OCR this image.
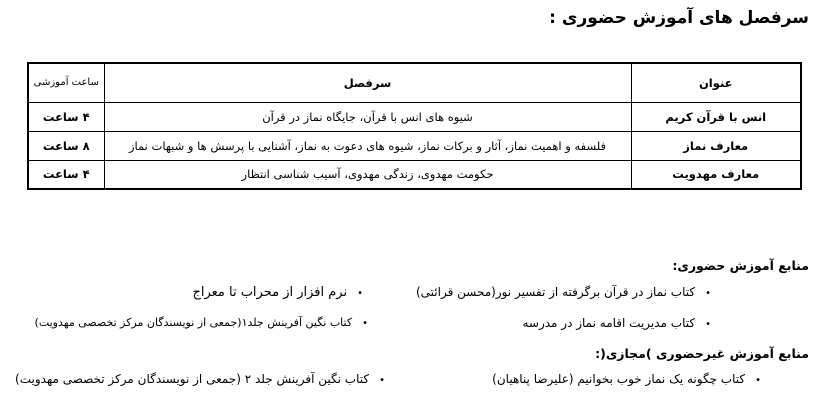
سرفصل های آموزش حضوری :
عنوان	سرفصل	ساعت آموزشی
انس با قرآن کریم	شیوه های انس با قرآن، جایگاه نماز در قرآن	۴ ساعت
معارف نماز	فلسفه و اهمیت نماز، آثار و برکات نماز، شیوه های دعوت به نماز، آشنایی با پرسش ها و شبهات نماز	۸ ساعت
معارف مهدویت	حکومت مهدوی، زندگی مهدوی، آسیب شناسی انتظار	۴ ساعت
منابع آموزش حضوری:
•کتاب نماز در قرآن برگرفته از تفسیر نور(محسن قرائتی)
•نرم افزار از محراب تا معراج
•کتاب مدیریت اقامه نماز در مدرسه
•کتاب نگین آفرینش جلد۱(جمعی از نویسندگان مرکز تخصصی مهدویت)
منابع آموزش غیرحضوری )مجازی(:
•کتاب چگونه یک نماز خوب بخوانیم (علیرضا پناهیان)
•کتاب نگین آفرینش جلد ۲ (جمعی از نویسندگان مرکز تخصصی مهدویت)
